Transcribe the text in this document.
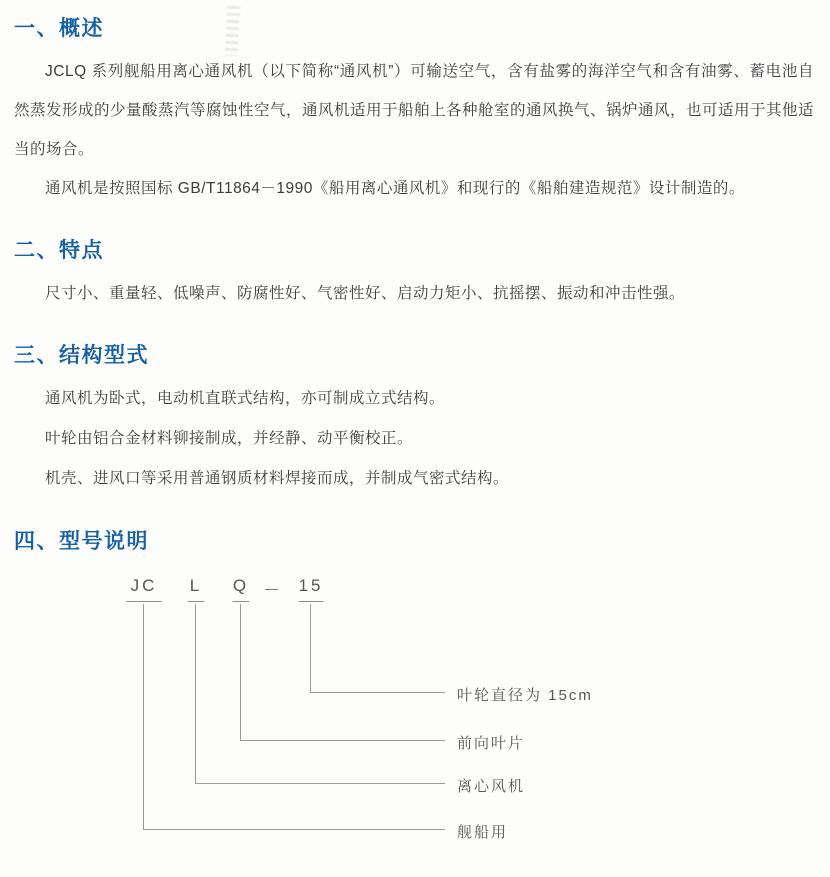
一、概述

JCLQ 系列舰船用离心通风机（以下简称“通风机”）可输送空气，含有盐雾的海洋空气和含有油雾、蓄电池自然蒸发形成的少量酸蒸汽等腐蚀性空气，通风机适用于船舶上各种舱室的通风换气、锅炉通风，也可适用于其他适当的场合。

通风机是按照国标 GB/T11864－1990《船用离心通风机》和现行的《船舶建造规范》设计制造的。

二、特点

尺寸小、重量轻、低噪声、防腐性好、气密性好、启动力矩小、抗摇摆、振动和冲击性强。

三、结构型式

通风机为卧式，电动机直联式结构，亦可制成立式结构。

叶轮由铝合金材料铆接制成，并经静、动平衡校正。

机壳、进风口等采用普通钢质材料焊接而成，并制成气密式结构。

四、型号说明
JC L Q － 15
叶轮直径为 15cm
前向叶片
离心风机
舰船用
